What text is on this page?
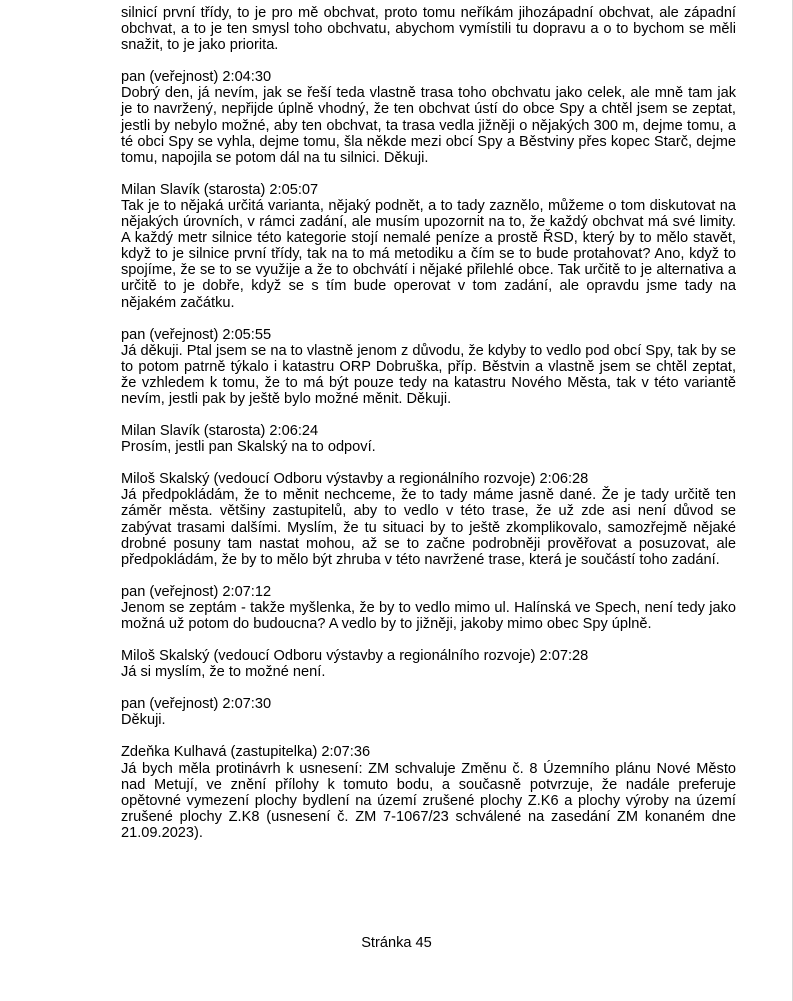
silnicí první třídy, to je pro mě obchvat, proto tomu neříkám jihozápadní obchvat, ale západní obchvat, a to je ten smysl toho obchvatu, abychom vymístili tu dopravu a o to bychom se měli snažit, to je jako priorita.

pan (veřejnost) 2:04:30

Dobrý den, já nevím, jak se řeší teda vlastně trasa toho obchvatu jako celek, ale mně tam jak je to navržený, nepřijde úplně vhodný, že ten obchvat ústí do obce Spy a chtěl jsem se zeptat, jestli by nebylo možné, aby ten obchvat, ta trasa vedla jižněji o nějakých 300 m, dejme tomu, a té obci Spy se vyhla, dejme tomu, šla někde mezi obcí Spy a Běstviny přes kopec Starč, dejme tomu, napojila se potom dál na tu silnici. Děkuji.

Milan Slavík (starosta) 2:05:07

Tak je to nějaká určitá varianta, nějaký podnět, a to tady zaznělo, můžeme o tom diskutovat na nějakých úrovních, v rámci zadání, ale musím upozornit na to, že každý obchvat má své limity. A každý metr silnice této kategorie stojí nemalé peníze a prostě ŘSD, který by to mělo stavět, když to je silnice první třídy, tak na to má metodiku a čím se to bude protahovat? Ano, když to spojíme, že se to se využije a že to obchvátí i nějaké přilehlé obce. Tak určitě to je alternativa a určitě to je dobře, když se s tím bude operovat v tom zadání, ale opravdu jsme tady na nějakém začátku.

pan (veřejnost) 2:05:55

Já děkuji. Ptal jsem se na to vlastně jenom z důvodu, že kdyby to vedlo pod obcí Spy, tak by se to potom patrně týkalo i katastru ORP Dobruška, příp. Běstvin a vlastně jsem se chtěl zeptat, že vzhledem k tomu, že to má být pouze tedy na katastru Nového Města, tak v této variantě nevím, jestli pak by ještě bylo možné měnit. Děkuji.

Milan Slavík (starosta) 2:06:24

Prosím, jestli pan Skalský na to odpoví.

Miloš Skalský (vedoucí Odboru výstavby a regionálního rozvoje) 2:06:28

Já předpokládám, že to měnit nechceme, že to tady máme jasně dané. Že je tady určitě ten záměr města. většiny zastupitelů, aby to vedlo v této trase, že už zde asi není důvod se zabývat trasami dalšími. Myslím, že tu situaci by to ještě zkomplikovalo, samozřejmě nějaké drobné posuny tam nastat mohou, až se to začne podrobněji prověřovat a posuzovat, ale předpokládám, že by to mělo být zhruba v této navržené trase, která je součástí toho zadání.

pan (veřejnost) 2:07:12

Jenom se zeptám - takže myšlenka, že by to vedlo mimo ul. Halínská ve Spech, není tedy jako možná už potom do budoucna? A vedlo by to jižněji, jakoby mimo obec Spy úplně.

Miloš Skalský (vedoucí Odboru výstavby a regionálního rozvoje) 2:07:28

Já si myslím, že to možné není.

pan (veřejnost) 2:07:30

Děkuji.

Zdeňka Kulhavá (zastupitelka) 2:07:36

Já bych měla protinávrh k usnesení: ZM schvaluje Změnu č. 8 Územního plánu Nové Město nad Metují, ve znění přílohy k tomuto bodu, a současně potvrzuje, že nadále preferuje opětovné vymezení plochy bydlení na území zrušené plochy Z.K6 a plochy výroby na území zrušené plochy Z.K8 (usnesení č. ZM 7-1067/23 schválené na zasedání ZM konaném dne 21.09.2023).

Stránka 45
